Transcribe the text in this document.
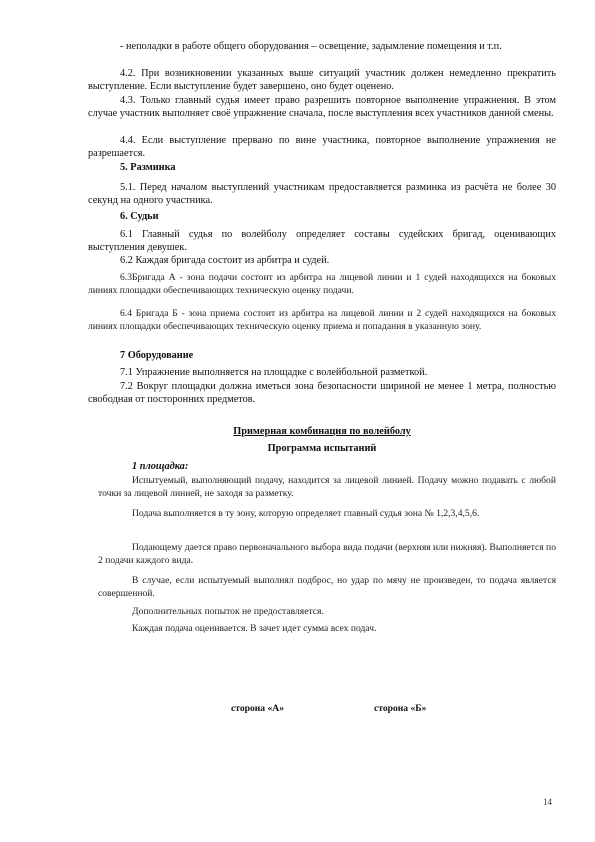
- неполадки в работе общего оборудования – освещение, задымление помещения и т.п.

4.2. При возникновении указанных выше ситуаций участник должен немедленно прекратить выступление. Если выступление будет завершено, оно будет оценено.

4.3. Только главный судья имеет право разрешить повторное выполнение упражнения. В этом случае участник выполняет своё упражнение сначала, после выступления всех участников данной смены.

4.4. Если выступление прервано по вине участника, повторное выполнение упражнения не разрешается.

5. Разминка

5.1. Перед началом выступлений участникам предоставляется разминка из расчёта не более 30 секунд на одного участника.

6. Судьи

6.1 Главный судья по волейболу определяет составы судейских бригад, оценивающих выступления девушек.

6.2 Каждая бригада состоит из арбитра и судей.

6.3Бригада А - зона подачи состоит из арбитра на лицевой линии и 1 судей находящихся на боковых линиях площадки обеспечивающих техническую оценку подачи.

6.4 Бригада Б - зона приема состоит из арбитра на лицевой линии и 2 судей находящихся на боковых линиях площадки обеспечивающих техническую оценку приема и попадания в указанную зону.

7 Оборудование

7.1 Упражнение выполняется на площадке с волейбольной разметкой.

7.2 Вокруг площадки должна иметься зона безопасности шириной не менее 1 метра, полностью свободная от посторонних предметов.

Примерная комбинация по волейболу

Программа испытаний

1 площадка:

Испытуемый, выполняющий подачу, находится за лицевой линией. Подачу можно подавать с любой точки за лицевой линией, не заходя за разметку.

Подача выполняется в ту зону, которую определяет главный судья зона № 1,2,3,4,5,6.

Подающему дается право первоначального выбора вида подачи (верхняя или нижняя). Выполняется по 2 подачи каждого вида.

В случае, если испытуемый выполнял подброс, но удар по мячу не произведен, то подача является совершенной.

Дополнительных попыток не предоставляется.

Каждая подача оценивается. В зачет идет сумма всех подач.

сторона «А»	сторона «Б»
14
